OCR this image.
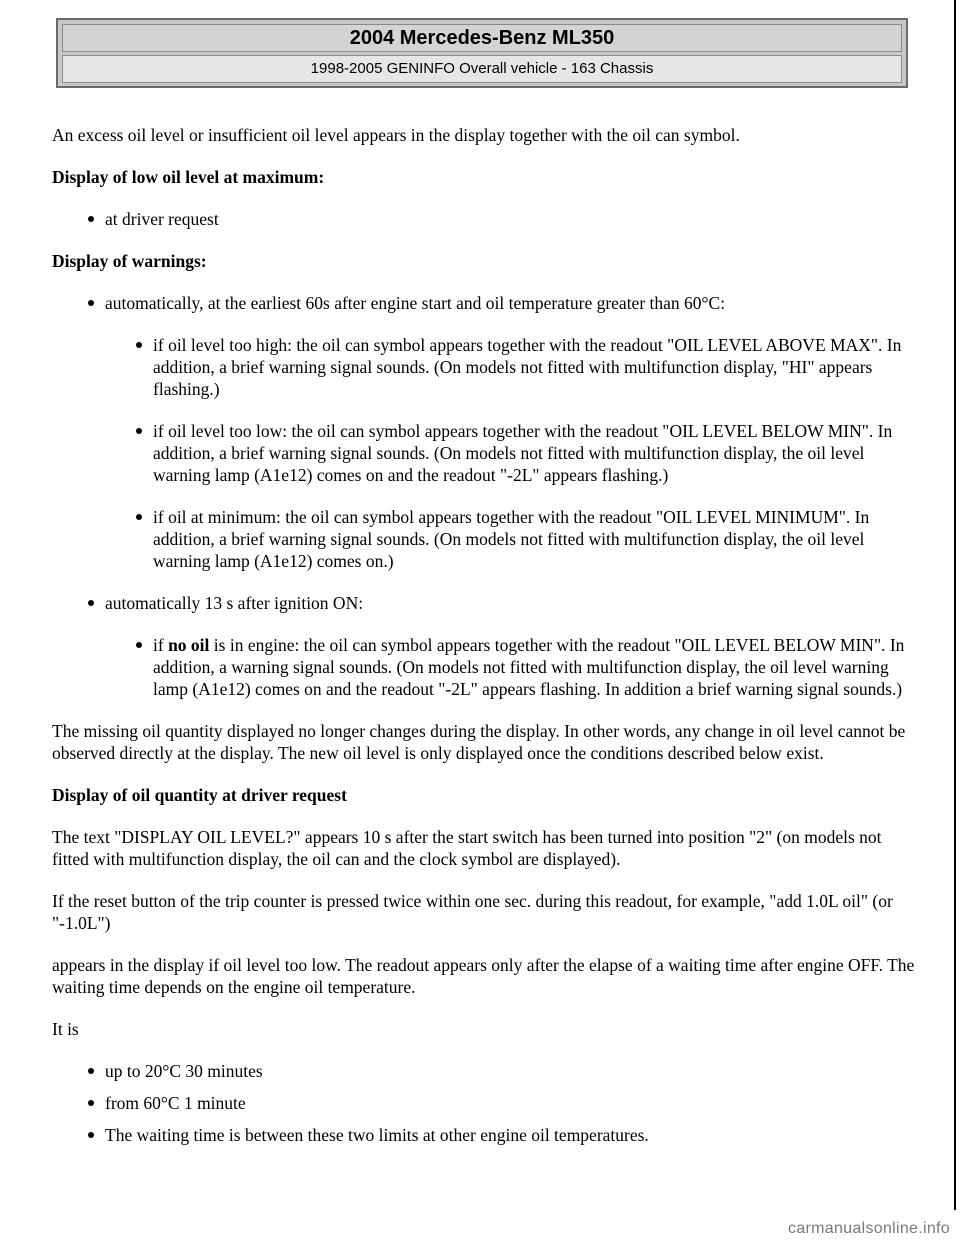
2004 Mercedes-Benz ML350
1998-2005 GENINFO Overall vehicle - 163 Chassis

An excess oil level or insufficient oil level appears in the display together with the oil can symbol.

Display of low oil level at maximum:

at driver request

Display of warnings:

automatically, at the earliest 60s after engine start and oil temperature greater than 60°C:
if oil level too high: the oil can symbol appears together with the readout "OIL LEVEL ABOVE MAX". In addition, a brief warning signal sounds. (On models not fitted with multifunction display, "HI" appears flashing.)
if oil level too low: the oil can symbol appears together with the readout "OIL LEVEL BELOW MIN". In addition, a brief warning signal sounds. (On models not fitted with multifunction display, the oil level warning lamp (A1e12) comes on and the readout "-2L" appears flashing.)
if oil at minimum: the oil can symbol appears together with the readout "OIL LEVEL MINIMUM". In addition, a brief warning signal sounds. (On models not fitted with multifunction display, the oil level warning lamp (A1e12) comes on.)
automatically 13 s after ignition ON:
if no oil is in engine: the oil can symbol appears together with the readout "OIL LEVEL BELOW MIN". In addition, a warning signal sounds. (On models not fitted with multifunction display, the oil level warning lamp (A1e12) comes on and the readout "-2L" appears flashing. In addition a brief warning signal sounds.)

The missing oil quantity displayed no longer changes during the display. In other words, any change in oil level cannot be observed directly at the display. The new oil level is only displayed once the conditions described below exist.

Display of oil quantity at driver request

The text "DISPLAY OIL LEVEL?" appears 10 s after the start switch has been turned into position "2" (on models not fitted with multifunction display, the oil can and the clock symbol are displayed).

If the reset button of the trip counter is pressed twice within one sec. during this readout, for example, "add 1.0L oil" (or "-1.0L")

appears in the display if oil level too low. The readout appears only after the elapse of a waiting time after engine OFF. The waiting time depends on the engine oil temperature.

It is

up to 20°C 30 minutes
from 60°C 1 minute
The waiting time is between these two limits at other engine oil temperatures.
carmanualsonline.info
